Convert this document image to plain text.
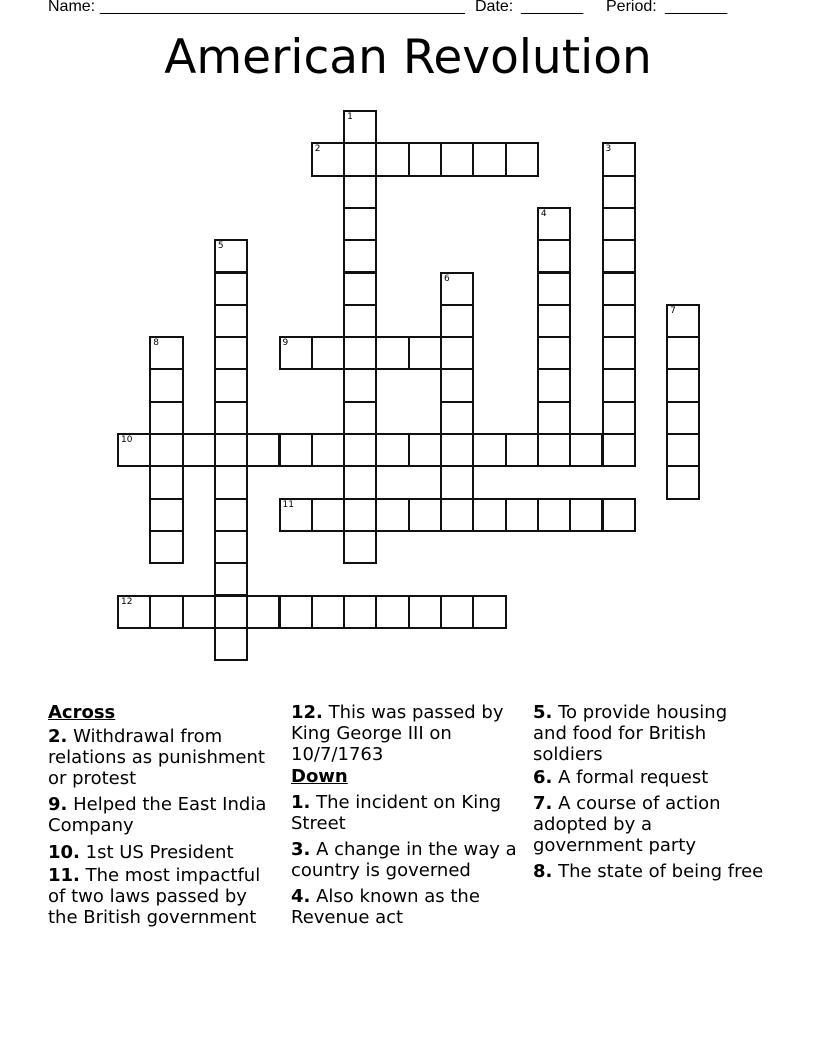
Name:

_________________________________________

Date:

_______

Period:

_______

American Revolution
1
2	3
4
5
6
7
8	9
10
11
12
Across
2. Withdrawal from relations as punishment or protest
9. Helped the East India Company
10. 1st US President
11. The most impactful of two laws passed by the British government
12. This was passed by King George III on 10/7/1763
Down
1. The incident on King Street
3. A change in the way a country is governed
4. Also known as the Revenue act
5. To provide housing and food for British soldiers
6. A formal request
7. A course of action adopted by a government party
8. The state of being free
